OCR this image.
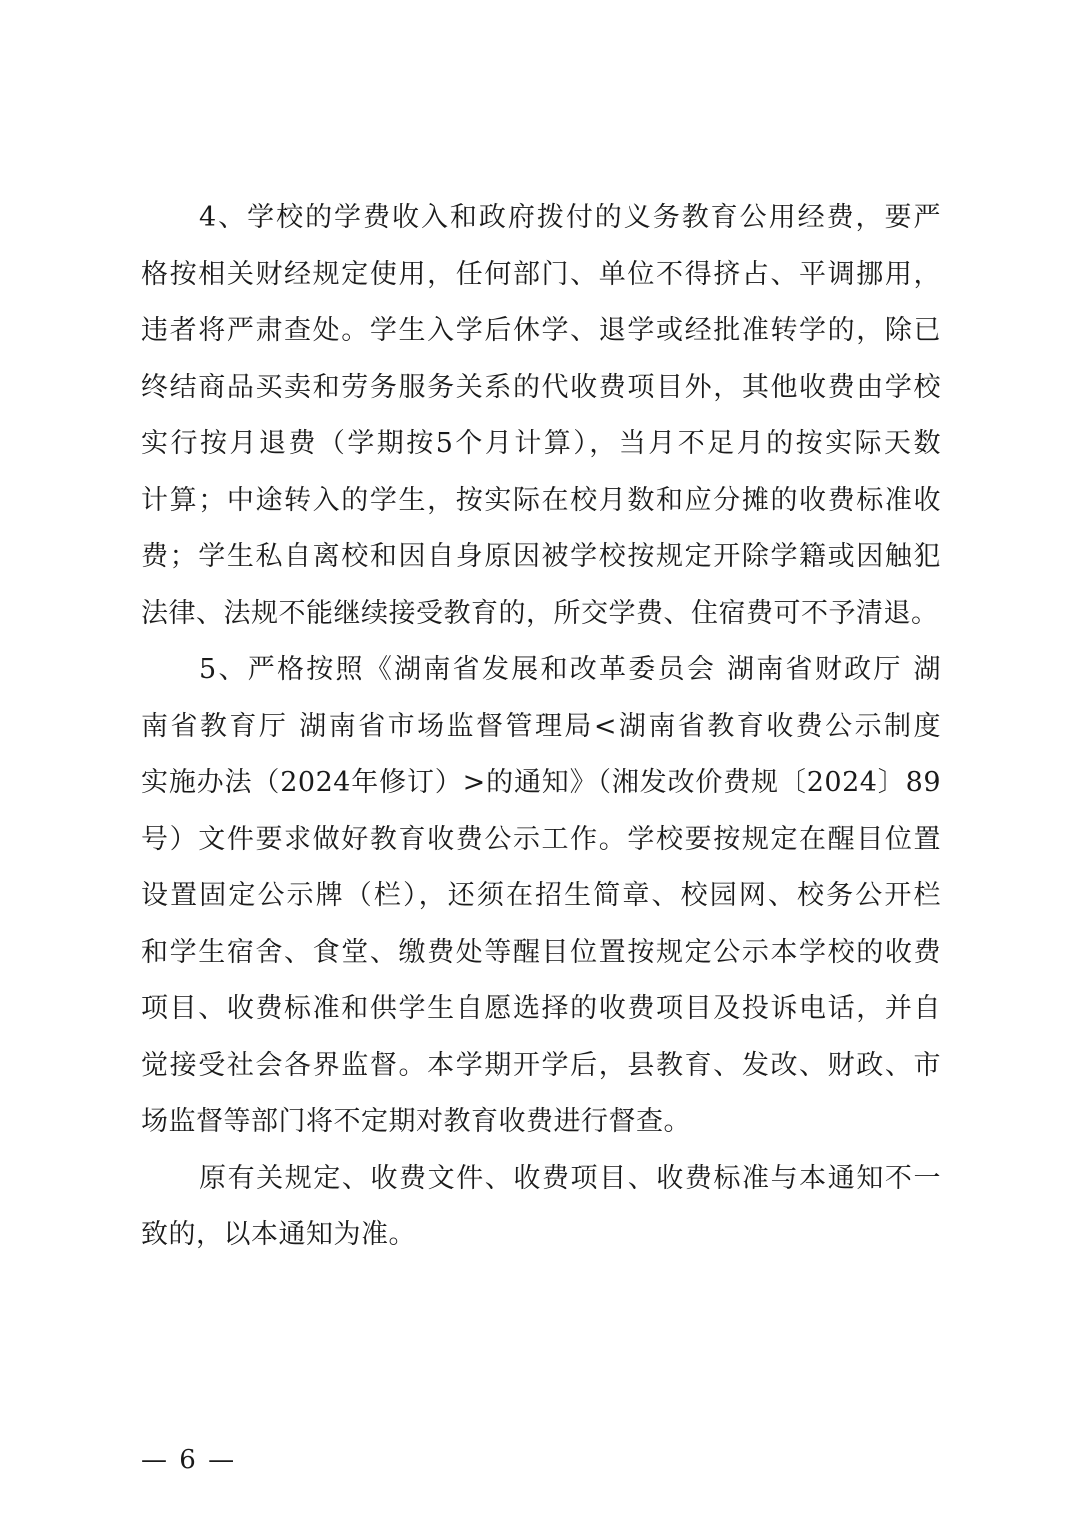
4、学校的学费收入和政府拨付的义务教育公用经费，要严
格按相关财经规定使用，任何部门、单位不得挤占、平调挪用，
违者将严肃查处。学生入学后休学、退学或经批准转学的，除已
终结商品买卖和劳务服务关系的代收费项目外，其他收费由学校
实行按月退费（学期按5个月计算），当月不足月的按实际天数
计算；中途转入的学生，按实际在校月数和应分摊的收费标准收
费；学生私自离校和因自身原因被学校按规定开除学籍或因触犯
法律、法规不能继续接受教育的，所交学费、住宿费可不予清退。
5、严格按照《湖南省发展和改革委员会 湖南省财政厅 湖
南省教育厅 湖南省市场监督管理局<湖南省教育收费公示制度
实施办法（2024年修订）>的通知》（湘发改价费规〔2024〕89
号）文件要求做好教育收费公示工作。学校要按规定在醒目位置
设置固定公示牌（栏），还须在招生简章、校园网、校务公开栏
和学生宿舍、食堂、缴费处等醒目位置按规定公示本学校的收费
项目、收费标准和供学生自愿选择的收费项目及投诉电话，并自
觉接受社会各界监督。本学期开学后，县教育、发改、财政、市
场监督等部门将不定期对教育收费进行督查。
原有关规定、收费文件、收费项目、收费标准与本通知不一
致的，以本通知为准。
— 6 —
